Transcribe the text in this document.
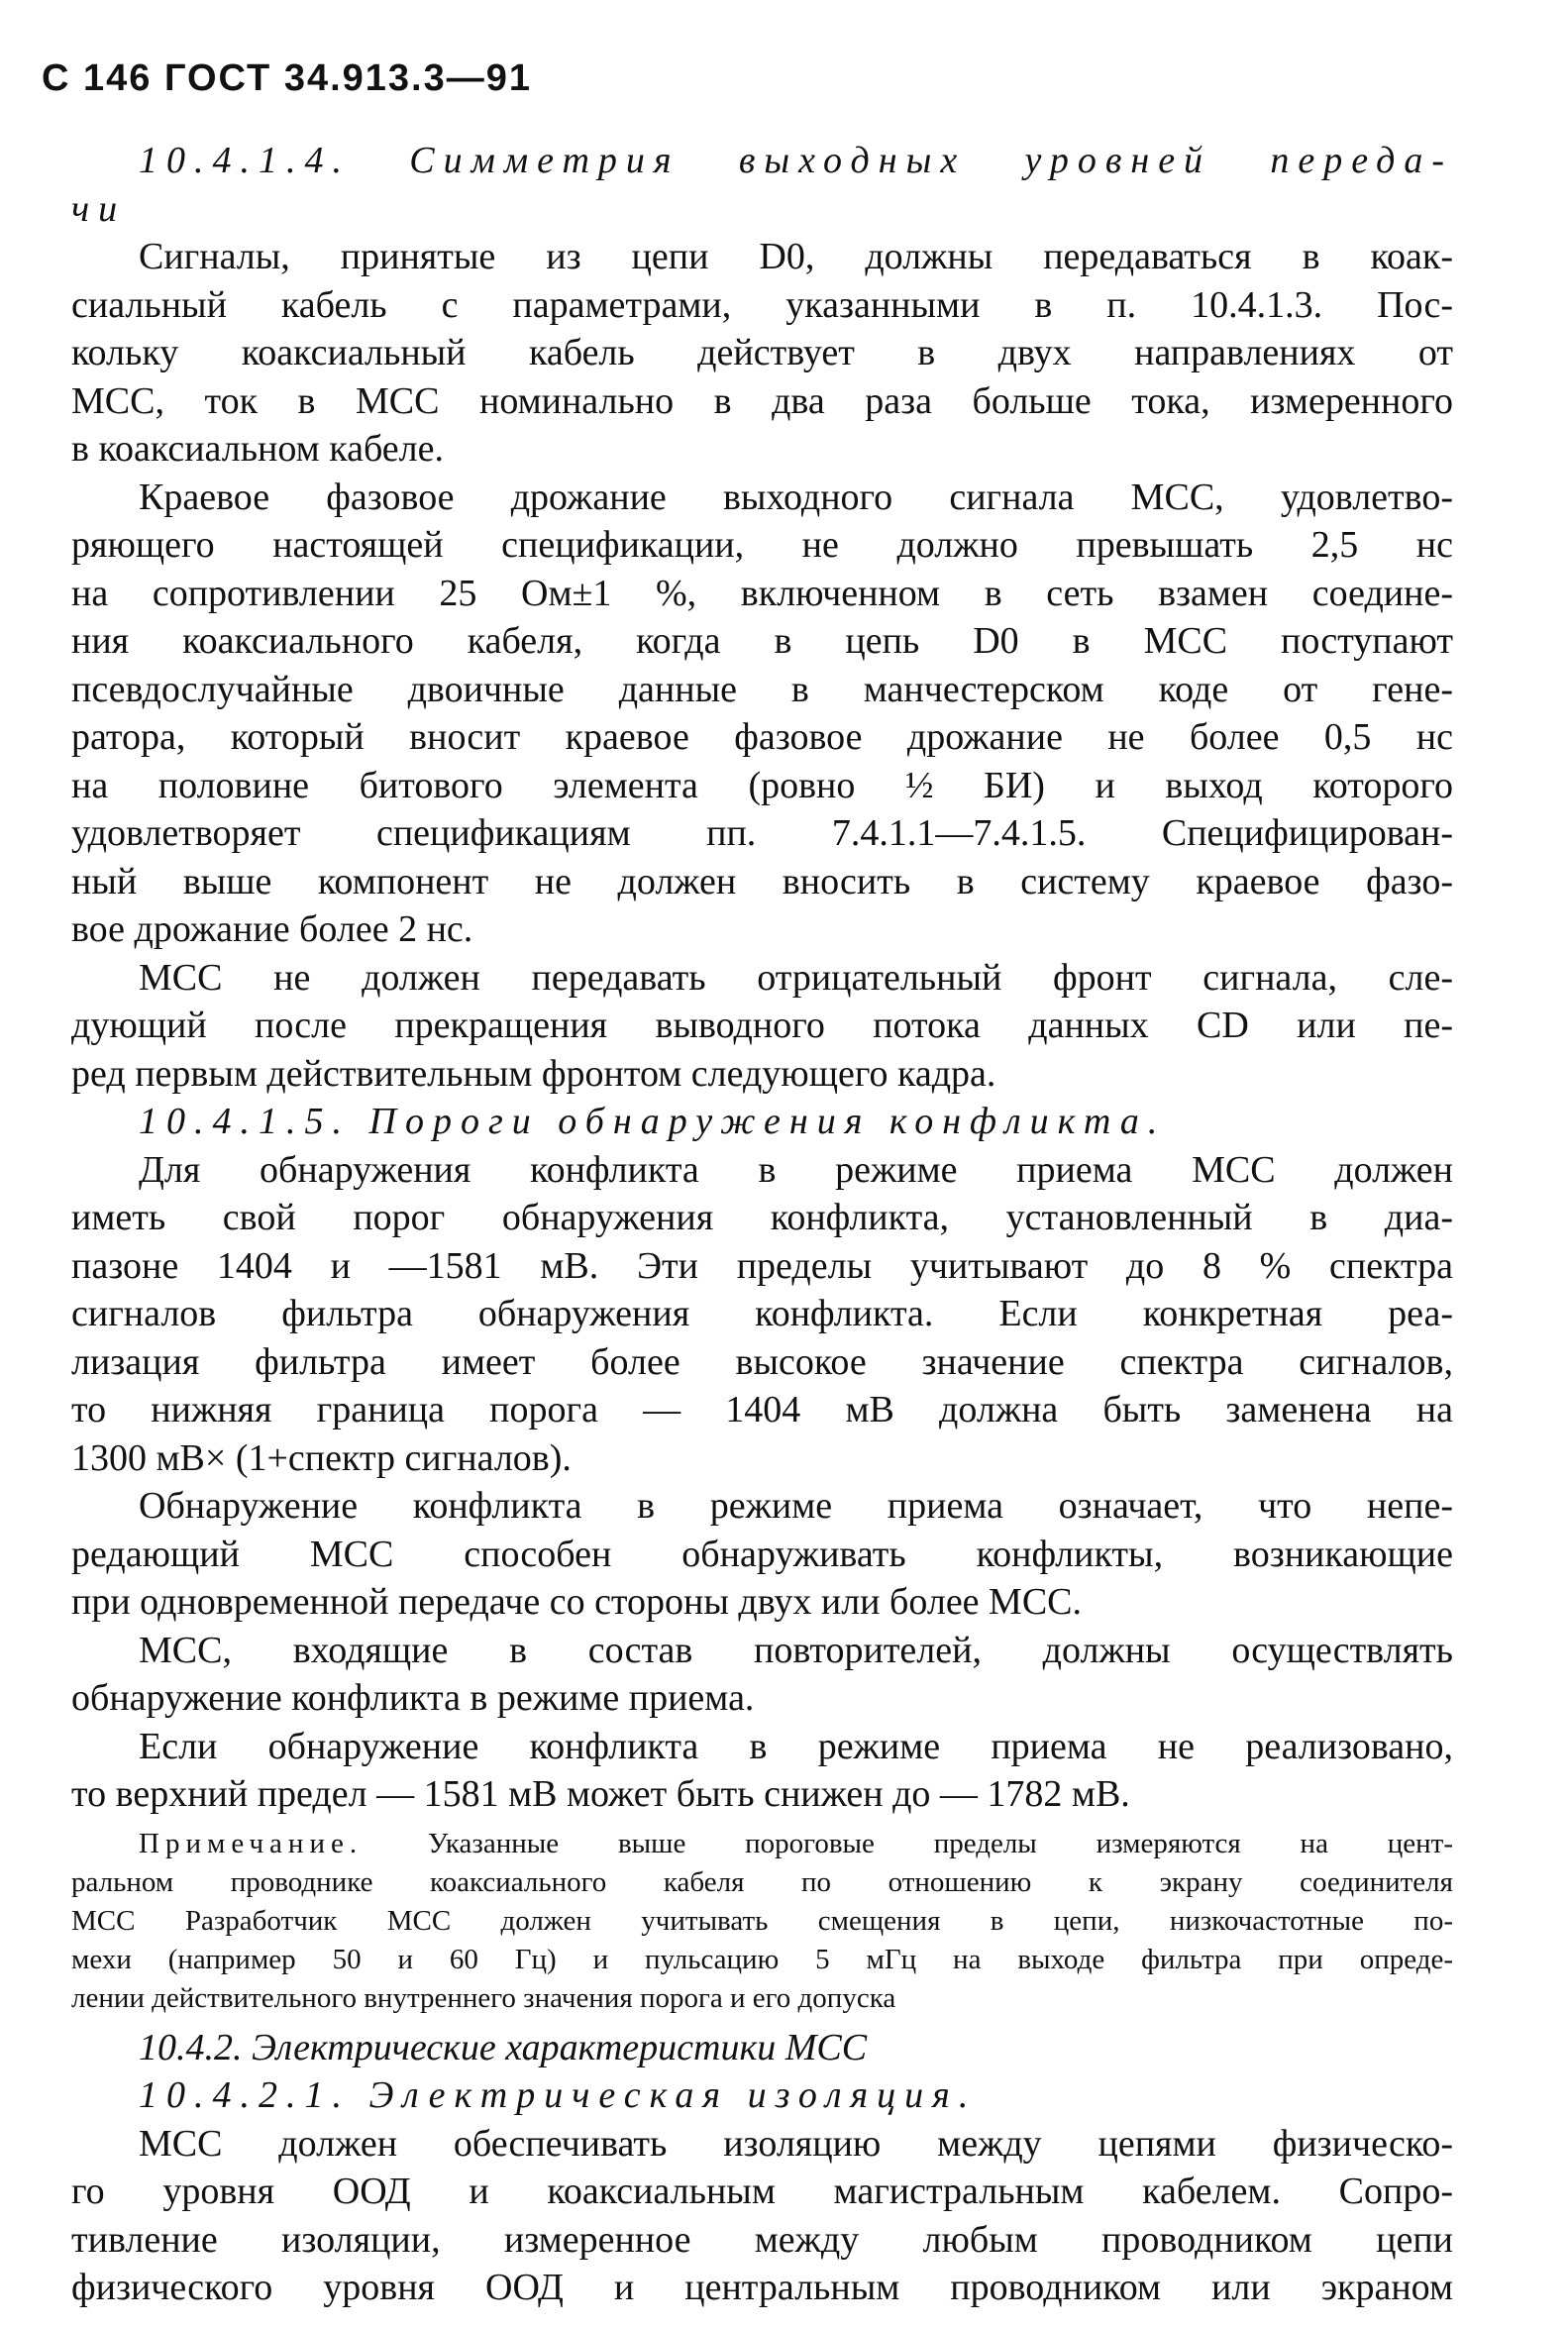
С 146 ГОСТ 34.913.3—91
10.4.1.4. Симметрия выходных уровней переда-
чи
Сигналы, принятые из цепи D0, должны передаваться в коак-
сиальный кабель с параметрами, указанными в п. 10.4.1.3. Пос-
кольку коаксиальный кабель действует в двух направлениях от
МСС, ток в МСС номинально в два раза больше тока, измеренного
в коаксиальном кабеле.
Краевое фазовое дрожание выходного сигнала МСС, удовлетво-
ряющего настоящей спецификации, не должно превышать 2,5 нс
на сопротивлении 25 Ом±1 %, включенном в сеть взамен соедине-
ния коаксиального кабеля, когда в цепь D0 в МСС поступают
псевдослучайные двоичные данные в манчестерском коде от гене-
ратора, который вносит краевое фазовое дрожание не более 0,5 нс
на половине битового элемента (ровно ½ БИ) и выход которого
удовлетворяет спецификациям пп. 7.4.1.1—7.4.1.5. Специфицирован-
ный выше компонент не должен вносить в систему краевое фазо-
вое дрожание более 2 нс.
МСС не должен передавать отрицательный фронт сигнала, сле-
дующий после прекращения выводного потока данных CD или пе-
ред первым действительным фронтом следующего кадра.
10.4.1.5. Пороги обнаружения конфликта.
Для обнаружения конфликта в режиме приема МСС должен
иметь свой порог обнаружения конфликта, установленный в диа-
пазоне 1404 и —1581 мВ. Эти пределы учитывают до 8 % спектра
сигналов фильтра обнаружения конфликта. Если конкретная реа-
лизация фильтра имеет более высокое значение спектра сигналов,
то нижняя граница порога — 1404 мВ должна быть заменена на
1300 мВ× (1+спектр сигналов).
Обнаружение конфликта в режиме приема означает, что непе-
редающий МСС способен обнаруживать конфликты, возникающие
при одновременной передаче со стороны двух или более МСС.
МСС, входящие в состав повторителей, должны осуществлять
обнаружение конфликта в режиме приема.
Если обнаружение конфликта в режиме приема не реализовано,
то верхний предел — 1581 мВ может быть снижен до — 1782 мВ.
Примечание. Указанные выше пороговые пределы измеряются на цент-
ральном проводнике коаксиального кабеля по отношению к экрану соединителя
МСС Разработчик МСС должен учитывать смещения в цепи, низкочастотные по-
мехи (например 50 и 60 Гц) и пульсацию 5 мГц на выходе фильтра при опреде-
лении действительного внутреннего значения порога и его допуска
10.4.2. Электрические характеристики МСС
10.4.2.1. Электрическая изоляция.
МСС должен обеспечивать изоляцию между цепями физическо-
го уровня ООД и коаксиальным магистральным кабелем. Сопро-
тивление изоляции, измеренное между любым проводником цепи
физического уровня ООД и центральным проводником или экраном
